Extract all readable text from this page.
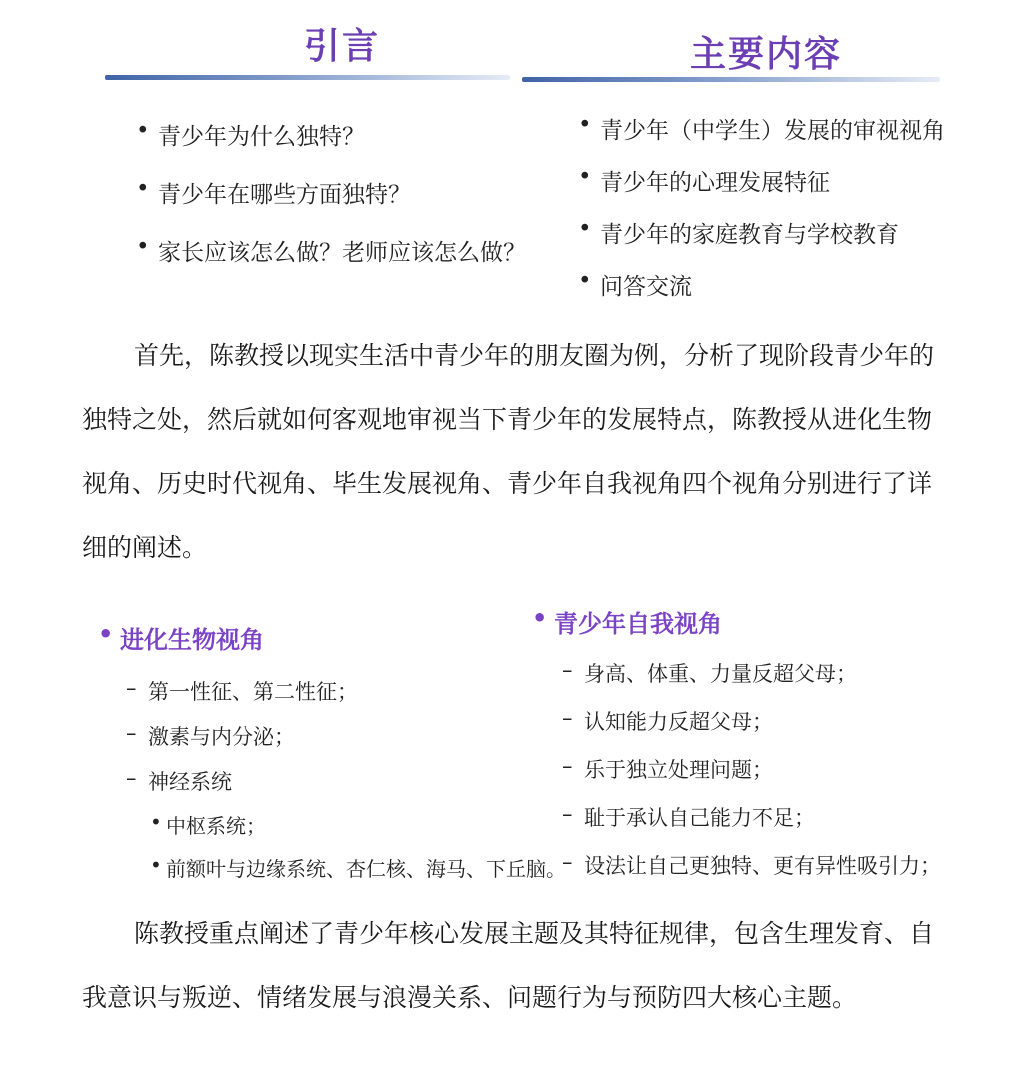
引言
• 青少年为什么独特？
• 青少年在哪些方面独特？
• 家长应该怎么做？老师应该怎么做？
主要内容
• 青少年（中学生）发展的审视视角
• 青少年的心理发展特征
• 青少年的家庭教育与学校教育
• 问答交流

首先，陈教授以现实生活中青少年的朋友圈为例，分析了现阶段青少年的独特之处，然后就如何客观地审视当下青少年的发展特点，陈教授从进化生物视角、历史时代视角、毕生发展视角、青少年自我视角四个视角分别进行了详细的阐述。

• 进化生物视角
– 第一性征、第二性征；
– 激素与内分泌；
– 神经系统
• 中枢系统；
• 前额叶与边缘系统、杏仁核、海马、下丘脑。
• 青少年自我视角
– 身高、体重、力量反超父母；
– 认知能力反超父母；
– 乐于独立处理问题；
– 耻于承认自己能力不足；
– 设法让自己更独特、更有异性吸引力；

陈教授重点阐述了青少年核心发展主题及其特征规律，包含生理发育、自我意识与叛逆、情绪发展与浪漫关系、问题行为与预防四大核心主题。
